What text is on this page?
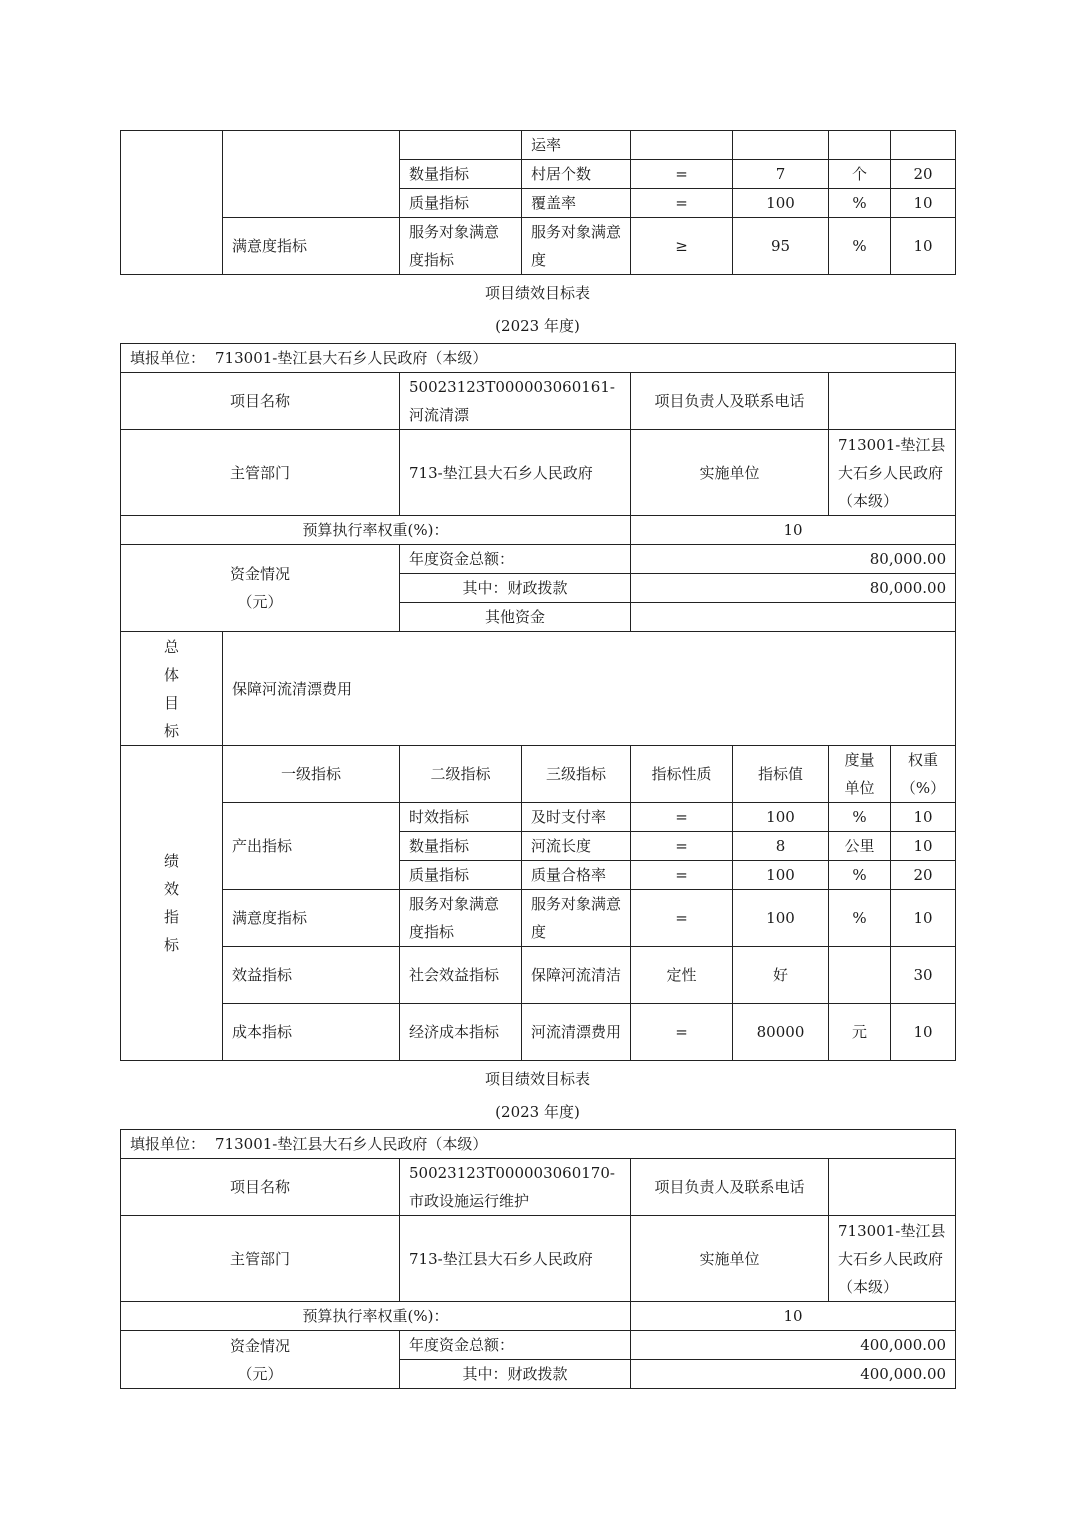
			运率				
		数量指标	村居个数	=	7	个	20
		质量指标	覆盖率	=	100	%	10
	满意度指标	服务对象满意度指标	服务对象满意度	≥	95	%	10
项目绩效目标表
(2023 年度)
填报单位： 713001-垫江县大石乡人民政府（本级）							
项目名称		50023123T000003060161-河流清漂		项目负责人及联系电话			
主管部门		713-垫江县大石乡人民政府		实施单位		713001-垫江县大石乡人民政府（本级）	
预算执行率权重(%)：				10			

资金情况
（元）		年度资金总额：		80,000.00			
		其中：财政拨款		80,000.00			
		其他资金					

总
体
目
标	保障河流清漂费用						

绩
效
指
标	一级指标	二级指标	三级指标	指标性质	指标值	度量单位	权重（%）
	产出指标	时效指标	及时支付率	=	100	%	10
		数量指标	河流长度	=	8	公里	10
		质量指标	质量合格率	=	100	%	20
	满意度指标	服务对象满意度指标	服务对象满意度	=	100	%	10
	效益指标	社会效益指标	保障河流清洁	定性	好		30
	成本指标	经济成本指标	河流清漂费用	=	80000	元	10
项目绩效目标表
(2023 年度)
填报单位： 713001-垫江县大石乡人民政府（本级）			
项目名称	50023123T000003060170-市政设施运行维护	项目负责人及联系电话	
主管部门	713-垫江县大石乡人民政府	实施单位	713001-垫江县大石乡人民政府（本级）
预算执行率权重(%)：		10	

资金情况
（元）	年度资金总额：	400,000.00	
	其中：财政拨款	400,000.00	
